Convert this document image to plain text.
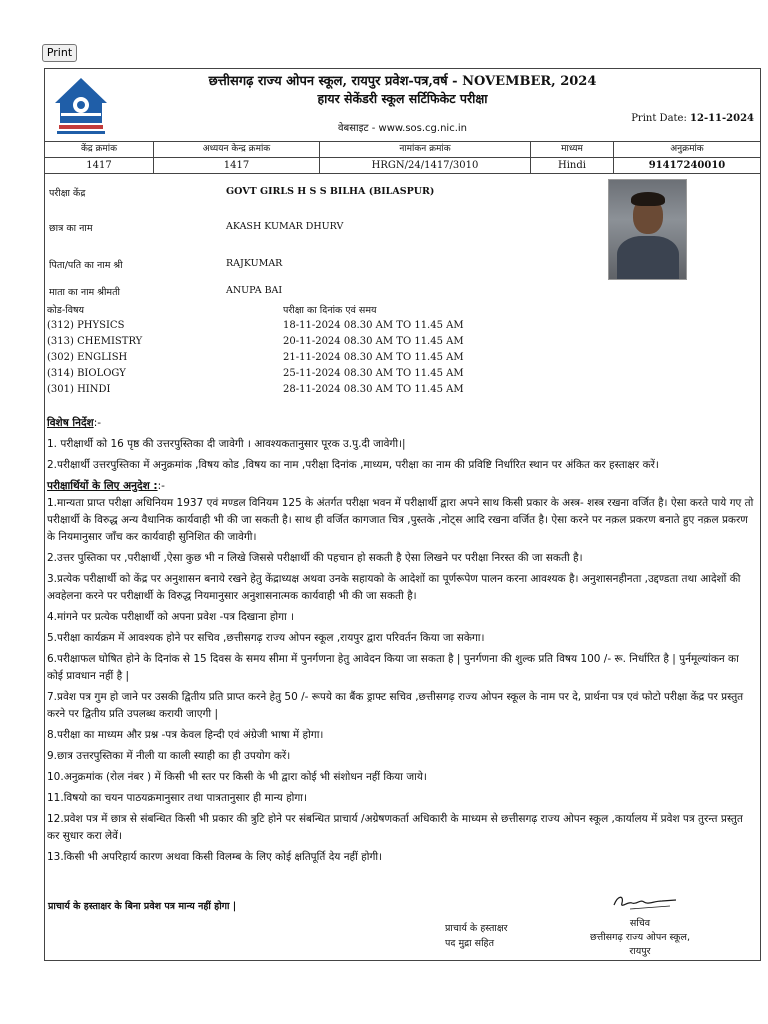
Print
छत्तीसगढ़ राज्य ओपन स्कूल, रायपुर प्रवेश-पत्र,वर्ष - NOVEMBER, 2024
हायर सेकेंडरी स्कूल सर्टिफिकेट परीक्षा
वेबसाइट - www.sos.cg.nic.in
Print Date: 12-11-2024
केंद्र क्रमांक	अध्ययन केन्द्र क्रमांक	नामांकन क्रमांक	माध्यम	अनुक्रमांक
1417	1417	HRGN/24/1417/3010	Hindi	91417240010
परीक्षा केंद्र	GOVT GIRLS H S S BILHA (BILASPUR)
छात्र का नाम	AKASH KUMAR DHURV
पिता/पति का नाम श्री	RAJKUMAR
माता का नाम श्रीमती	ANUPA BAI
कोड-विषय	परीक्षा का दिनांक एवं समय
(312) PHYSICS	18-11-2024 08.30 AM TO 11.45 AM
(313) CHEMISTRY	20-11-2024 08.30 AM TO 11.45 AM
(302) ENGLISH	21-11-2024 08.30 AM TO 11.45 AM
(314) BIOLOGY	25-11-2024 08.30 AM TO 11.45 AM
(301) HINDI	28-11-2024 08.30 AM TO 11.45 AM

विशेष निर्देश:-

1. परीक्षार्थी को 16 पृष्ठ की उत्तरपुस्तिका दी जावेगी । आवश्यकतानुसार पूरक उ.पु.दी जावेगी।|

2.परीक्षार्थी उत्तरपुस्तिका में अनुक्रमांक ,विषय कोड ,विषय का नाम ,परीक्षा दिनांक ,माध्यम, परीक्षा का नाम की प्रविष्टि निर्धारित स्थान पर अंकित कर हस्ताक्षर करें।

परीक्षार्थियों के लिए अनुदेश ::-

1.मान्यता प्राप्त परीक्षा अधिनियम 1937 एवं मण्डल विनियम 125 के अंतर्गत परीक्षा भवन में परीक्षार्थी द्वारा अपने साथ किसी प्रकार के अस्त्र- शस्त्र रखना वर्जित है। ऐसा करते पाये गए तो परीक्षार्थी के विरुद्ध अन्य वैधानिक कार्यवाही भी की जा सकती है। साथ ही वर्जित कागजात चित्र ,पुस्तके ,नोट्स आदि रखना वर्जित है। ऐसा करने पर नक़ल प्रकरण बनाते हुए नक़ल प्रकरण के नियमानुसार जाँच कर कार्यवाही सुनिशित की जावेगी।

2.उत्तर पुस्तिका पर ,परीक्षार्थी ,ऐसा कुछ भी न लिखे जिससे परीक्षार्थी की पहचान हो सकती है ऐसा लिखने पर परीक्षा निरस्त की जा सकती है।

3.प्रत्येक परीक्षार्थी को केंद्र पर अनुशासन बनाये रखने हेतु केंद्राध्यक्ष अथवा उनके सहायको के आदेशों का पूर्णरूपेण पालन करना आवश्यक है। अनुशासनहीनता ,उद्दण्डता तथा आदेशों की अवहेलना करने पर परीक्षार्थी के विरुद्ध नियमानुसार अनुशासनात्मक कार्यवाही भी की जा सकती है।

4.मांगने पर प्रत्येक परीक्षार्थी को अपना प्रवेश -पत्र दिखाना होगा ।

5.परीक्षा कार्यक्रम में आवश्यक होने पर सचिव ,छत्तीसगढ़ राज्य ओपन स्कूल ,रायपुर द्वारा परिवर्तन किया जा सकेगा।

6.परीक्षाफल घोषित होने के दिनांक से 15 दिवस के समय सीमा में पुनर्गणना हेतु आवेदन किया जा सकता है | पुनर्गणना की शुल्क प्रति विषय 100 /- रू. निर्धारित है | पुर्नमूल्यांकन का कोई प्रावधान नहीं है |

7.प्रवेश पत्र गुम हो जाने पर उसकी द्वितीय प्रति प्राप्त करने हेतु 50 /- रूपये का बैंक ड्राफ्ट सचिव ,छत्तीसगढ़ राज्य ओपन स्कूल के नाम पर दे, प्रार्थना पत्र एवं फोटो परीक्षा केंद्र पर प्रस्तुत करने पर द्वितीय प्रति उपलब्ध करायी जाएगी |

8.परीक्षा का माध्यम और प्रश्न -पत्र केवल हिन्दी एवं अंग्रेजी भाषा में होगा।

9.छात्र उत्तरपुस्तिका में नीली या काली स्याही का ही उपयोग करें।

10.अनुक्रमांक (रोल नंबर ) में किसी भी स्तर पर किसी के भी द्वारा कोई भी संशोधन नहीं किया जाये।

11.विषयो का चयन पाठयक्रमानुसार तथा पात्रतानुसार ही मान्य होगा।

12.प्रवेश पत्र में छात्र से संबन्धित किसी भी प्रकार की त्रुटि होने पर संबन्धित प्राचार्य /अग्रेषणकर्ता अधिकारी के माध्यम से छत्तीसगढ़ राज्य ओपन स्कूल ,कार्यालय में प्रवेश पत्र तुरन्त प्रस्तुत कर सुधार करा लेवें।

13.किसी भी अपरिहार्य कारण अथवा किसी विलम्ब के लिए कोई क्षतिपूर्ति देय नहीं होगी।

प्राचार्य के हस्ताक्षर के बिना प्रवेश पत्र मान्य नहीं होगा |
प्राचार्य के हस्ताक्षर
पद मुद्रा सहित
सचिव
छत्तीसगढ़ राज्य ओपन स्कूल,
रायपुर
